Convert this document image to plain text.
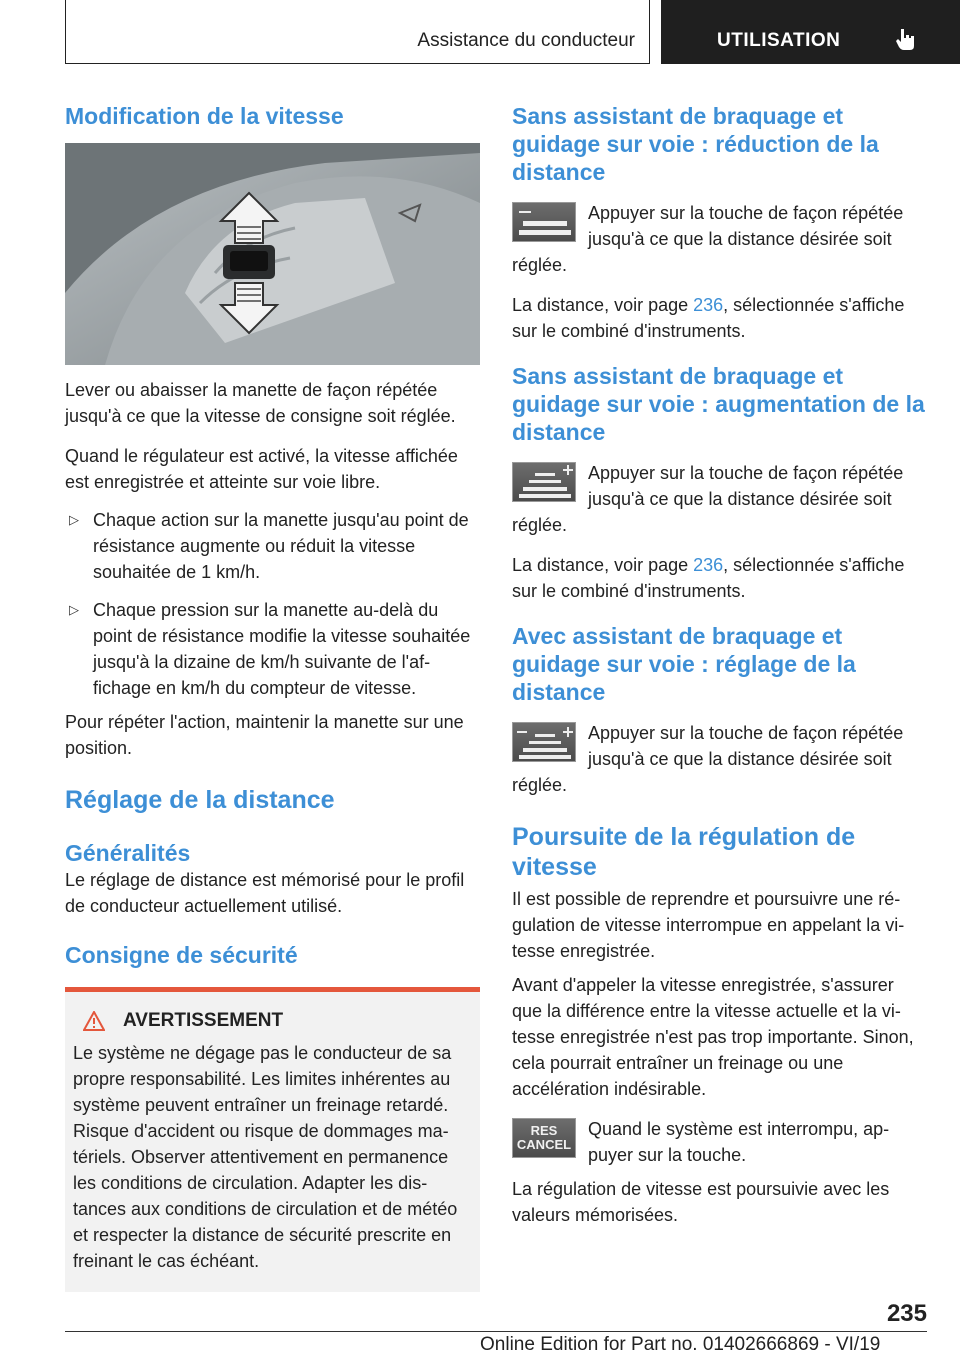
Assistance du conducteur	UTILISATION
Modification de la vitesse

Lever ou abaisser la manette de façon répétée jusqu'à ce que la vitesse de consigne soit réglée.

Quand le régulateur est activé, la vitesse affichée est enregistrée et atteinte sur voie libre.

▷ Chaque action sur la manette jusqu'au point de résistance augmente ou réduit la vitesse souhaitée de 1 km/h.
▷ Chaque pression sur la manette au-delà du point de résistance modifie la vitesse souhaitée jusqu'à la dizaine de km/h suivante de l'affichage en km/h du compteur de vitesse.

Pour répéter l'action, maintenir la manette sur une position.

Réglage de la distance
Généralités

Le réglage de distance est mémorisé pour le profil de conducteur actuellement utilisé.

Consigne de sécurité
AVERTISSEMENT

Le système ne dégage pas le conducteur de sa propre responsabilité. Les limites inhérentes au système peuvent entraîner un freinage retardé. Risque d'accident ou risque de dommages matériels. Observer attentivement en permanence les conditions de circulation. Adapter les distances aux conditions de circulation et de météo et respecter la distance de sécurité prescrite en freinant le cas échéant.

Sans assistant de braquage et guidage sur voie : réduction de la distance

Appuyer sur la touche de façon répétée jusqu'à ce que la distance désirée soit réglée.

La distance, voir page 236, sélectionnée s'affiche sur le combiné d'instruments.

Sans assistant de braquage et guidage sur voie : augmentation de la distance

Appuyer sur la touche de façon répétée jusqu'à ce que la distance désirée soit réglée.

La distance, voir page 236, sélectionnée s'affiche sur le combiné d'instruments.

Avec assistant de braquage et guidage sur voie : réglage de la distance

Appuyer sur la touche de façon répétée jusqu'à ce que la distance désirée soit réglée.

Poursuite de la régulation de vitesse

Il est possible de reprendre et poursuivre une régulation de vitesse interrompue en appelant la vitesse enregistrée.

Avant d'appeler la vitesse enregistrée, s'assurer que la différence entre la vitesse actuelle et la vitesse enregistrée n'est pas trop importante. Sinon, cela pourrait entraîner un freinage ou une accélération indésirable.

RES
CANCEL

Quand le système est interrompu, appuyer sur la touche.

La régulation de vitesse est poursuivie avec les valeurs mémorisées.

235
Online Edition for Part no. 01402666869 - VI/19
